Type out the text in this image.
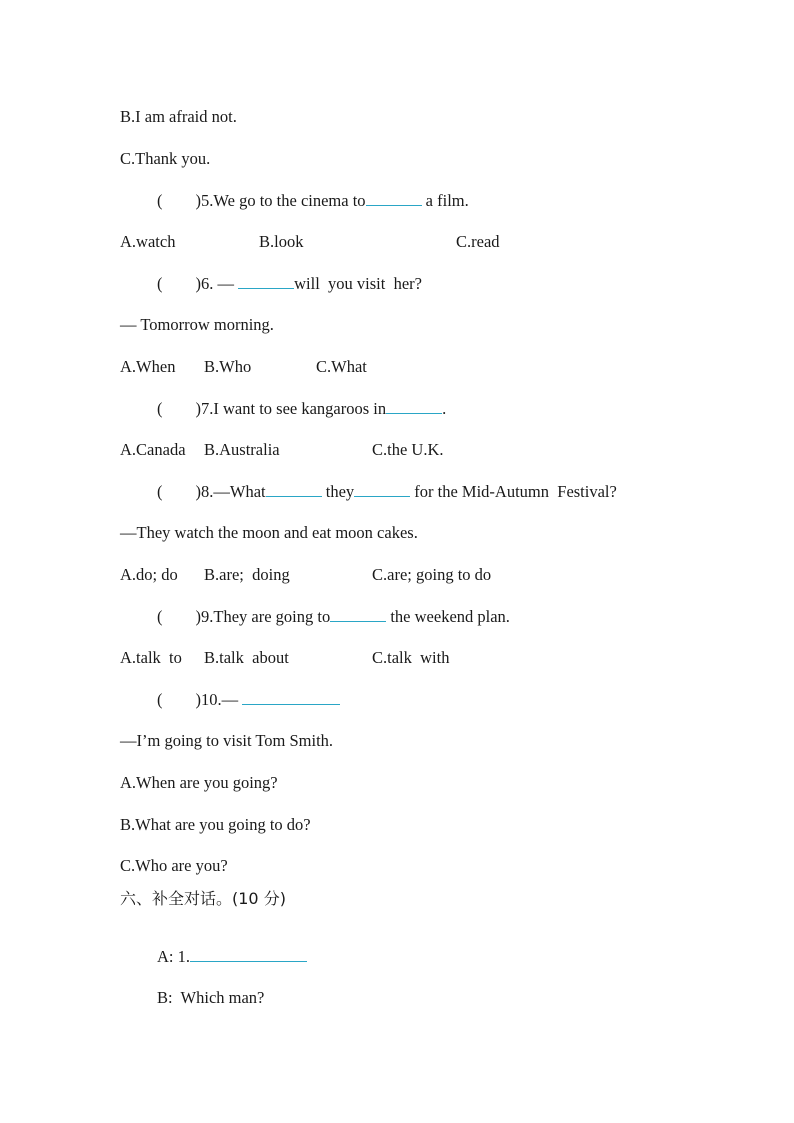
B.I am afraid not.
C.Thank you.
(        )5.We go to the cinema to	a film.
A.watch	B.look	C.read
(        )6. —	will  you visit  her?
— Tomorrow morning.
A.When B.Who	C.What
(        )7.I want to see kangaroos in	.
A.Canada B.Australia	C.the U.K.
(        )8.—What	they	for the Mid-Autumn  Festival?
—They watch the moon and eat moon cakes.
A.do; do B.are;  doing	C.are; going to do
(        )9.They are going to	the weekend plan.
A.talk  to B.talk  about	C.talk  with
(        )10.—
—I’m going to visit Tom Smith.
A.When are you going?
B.What are you going to do?
C.Who are you?
六、补全对话。(10 分)
A: 1.
B:  Which man?
